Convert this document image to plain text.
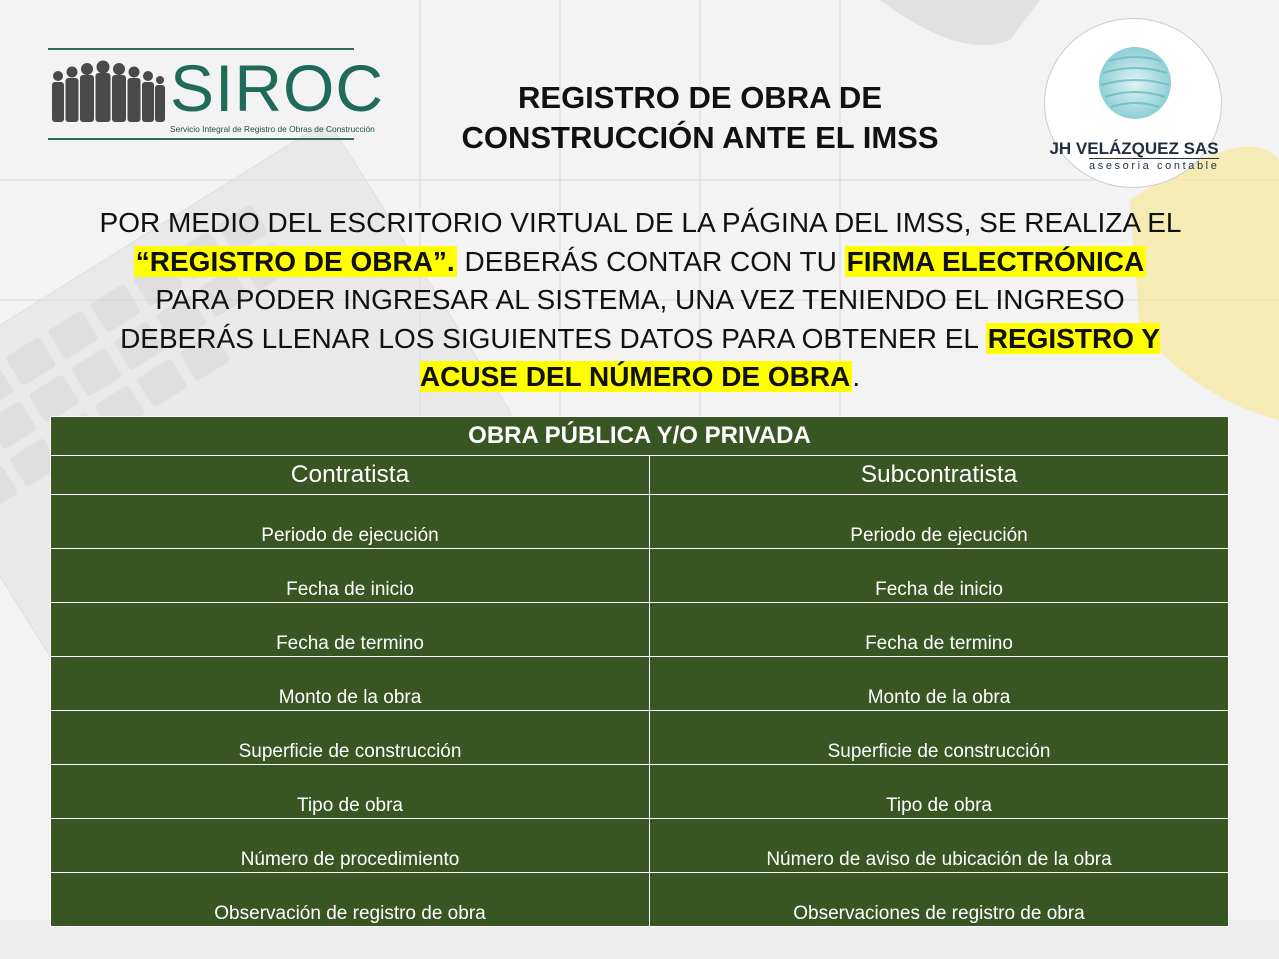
SIROC
Servicio Integral de Registro de Obras de Construcción
REGISTRO DE OBRA DE
CONSTRUCCIÓN ANTE EL IMSS	JH VELÁZQUEZ SAS
asesoria contable
POR MEDIO DEL ESCRITORIO VIRTUAL DE LA PÁGINA DEL IMSS, SE REALIZA EL “REGISTRO DE OBRA”. DEBERÁS CONTAR CON TU FIRMA ELECTRÓNICA PARA PODER INGRESAR AL SISTEMA, UNA VEZ TENIENDO EL INGRESO DEBERÁS LLENAR LOS SIGUIENTES DATOS PARA OBTENER EL REGISTRO Y ACUSE DEL NÚMERO DE OBRA.
OBRA PÚBLICA Y/O PRIVADA	
Contratista	Subcontratista
Periodo de ejecución	Periodo de ejecución
Fecha de inicio	Fecha de inicio
Fecha de termino	Fecha de termino
Monto de la obra	Monto de la obra
Superficie de construcción	Superficie de construcción
Tipo de obra	Tipo de obra
Número de procedimiento	Número de aviso de ubicación de la obra
Observación de registro de obra	Observaciones de registro de obra
